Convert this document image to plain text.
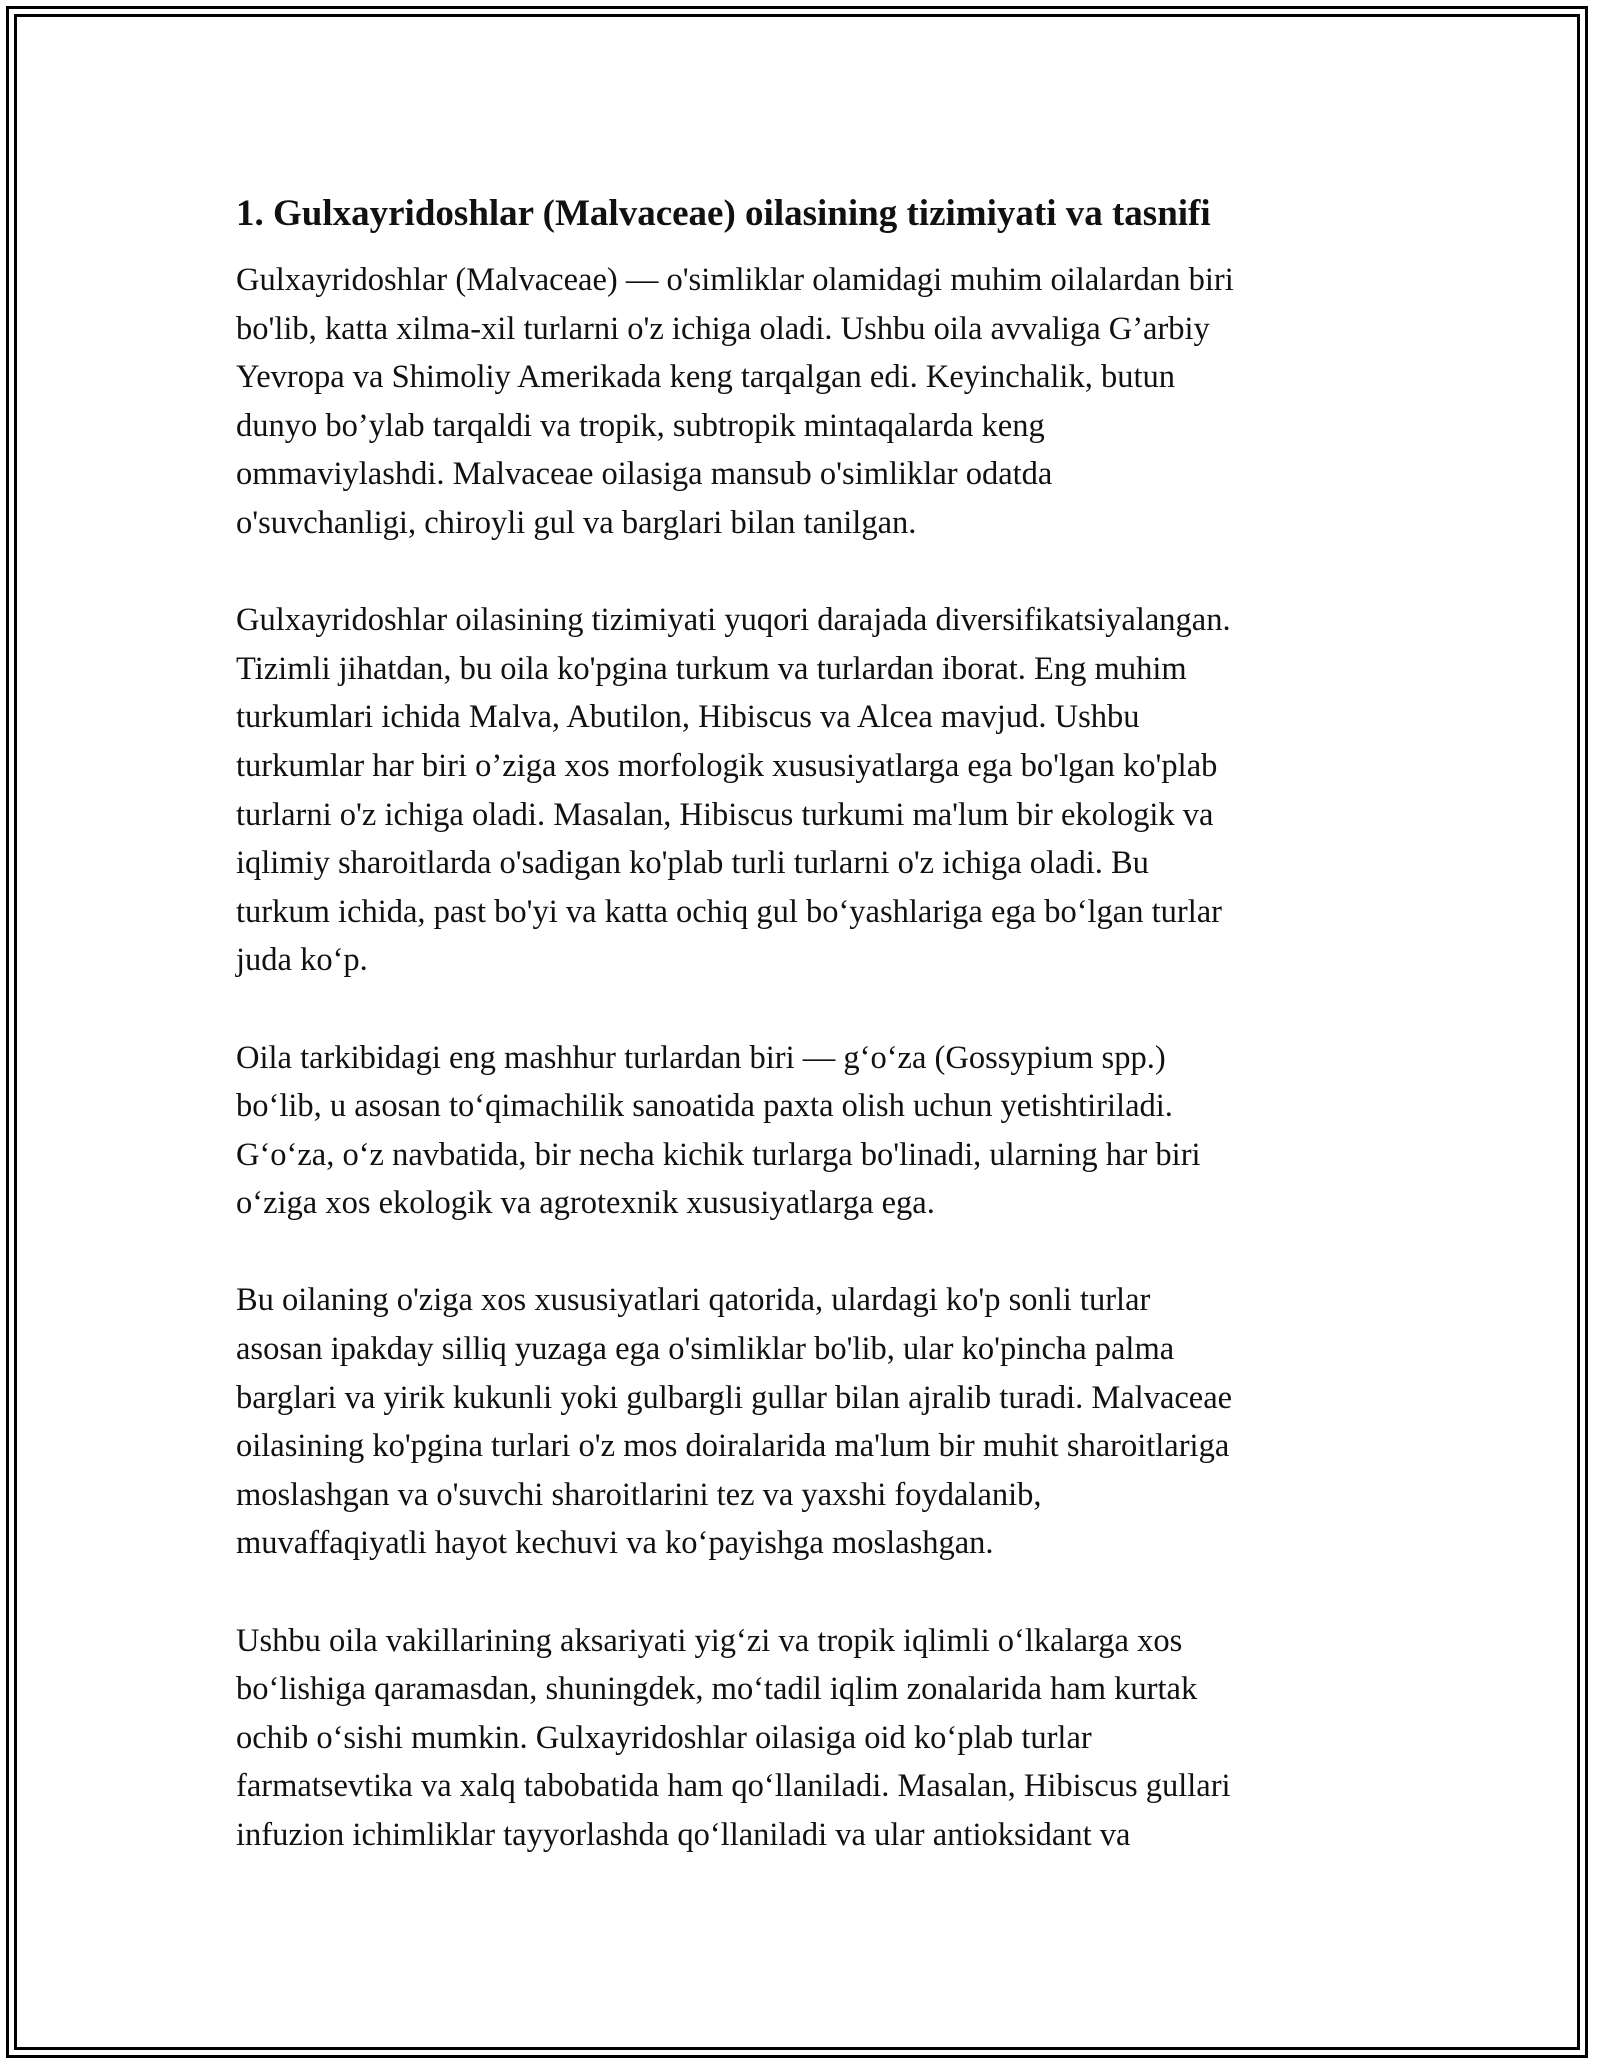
1. Gulxayridoshlar (Malvaceae) oilasining tizimiyati va tasnifi

Gulxayridoshlar (Malvaceae) — o'simliklar olamidagi muhim oilalardan biri
bo'lib, katta xilma-xil turlarni o'z ichiga oladi. Ushbu oila avvaliga G’arbiy
Yevropa va Shimoliy Amerikada keng tarqalgan edi. Keyinchalik, butun
dunyo bo’ylab tarqaldi va tropik, subtropik mintaqalarda keng
ommaviylashdi. Malvaceae oilasiga mansub o'simliklar odatda
o'suvchanligi, chiroyli gul va barglari bilan tanilgan.

Gulxayridoshlar oilasining tizimiyati yuqori darajada diversifikatsiyalangan.
Tizimli jihatdan, bu oila ko'pgina turkum va turlardan iborat. Eng muhim
turkumlari ichida Malva, Abutilon, Hibiscus va Alcea mavjud. Ushbu
turkumlar har biri o’ziga xos morfologik xususiyatlarga ega bo'lgan ko'plab
turlarni o'z ichiga oladi. Masalan, Hibiscus turkumi ma'lum bir ekologik va
iqlimiy sharoitlarda o'sadigan ko'plab turli turlarni o'z ichiga oladi. Bu
turkum ichida, past bo'yi va katta ochiq gul bo‘yashlariga ega bo‘lgan turlar
juda ko‘p.

Oila tarkibidagi eng mashhur turlardan biri — g‘o‘za (Gossypium spp.)
bo‘lib, u asosan to‘qimachilik sanoatida paxta olish uchun yetishtiriladi.
G‘o‘za, o‘z navbatida, bir necha kichik turlarga bo'linadi, ularning har biri
o‘ziga xos ekologik va agrotexnik xususiyatlarga ega.

Bu oilaning o'ziga xos xususiyatlari qatorida, ulardagi ko'p sonli turlar
asosan ipakday silliq yuzaga ega o'simliklar bo'lib, ular ko'pincha palma
barglari va yirik kukunli yoki gulbargli gullar bilan ajralib turadi. Malvaceae
oilasining ko'pgina turlari o'z mos doiralarida ma'lum bir muhit sharoitlariga
moslashgan va o'suvchi sharoitlarini tez va yaxshi foydalanib,
muvaffaqiyatli hayot kechuvi va ko‘payishga moslashgan.

Ushbu oila vakillarining aksariyati yig‘zi va tropik iqlimli o‘lkalarga xos
bo‘lishiga qaramasdan, shuningdek, mo‘tadil iqlim zonalarida ham kurtak
ochib o‘sishi mumkin. Gulxayridoshlar oilasiga oid ko‘plab turlar
farmatsevtika va xalq tabobatida ham qo‘llaniladi. Masalan, Hibiscus gullari
infuzion ichimliklar tayyorlashda qo‘llaniladi va ular antioksidant va
